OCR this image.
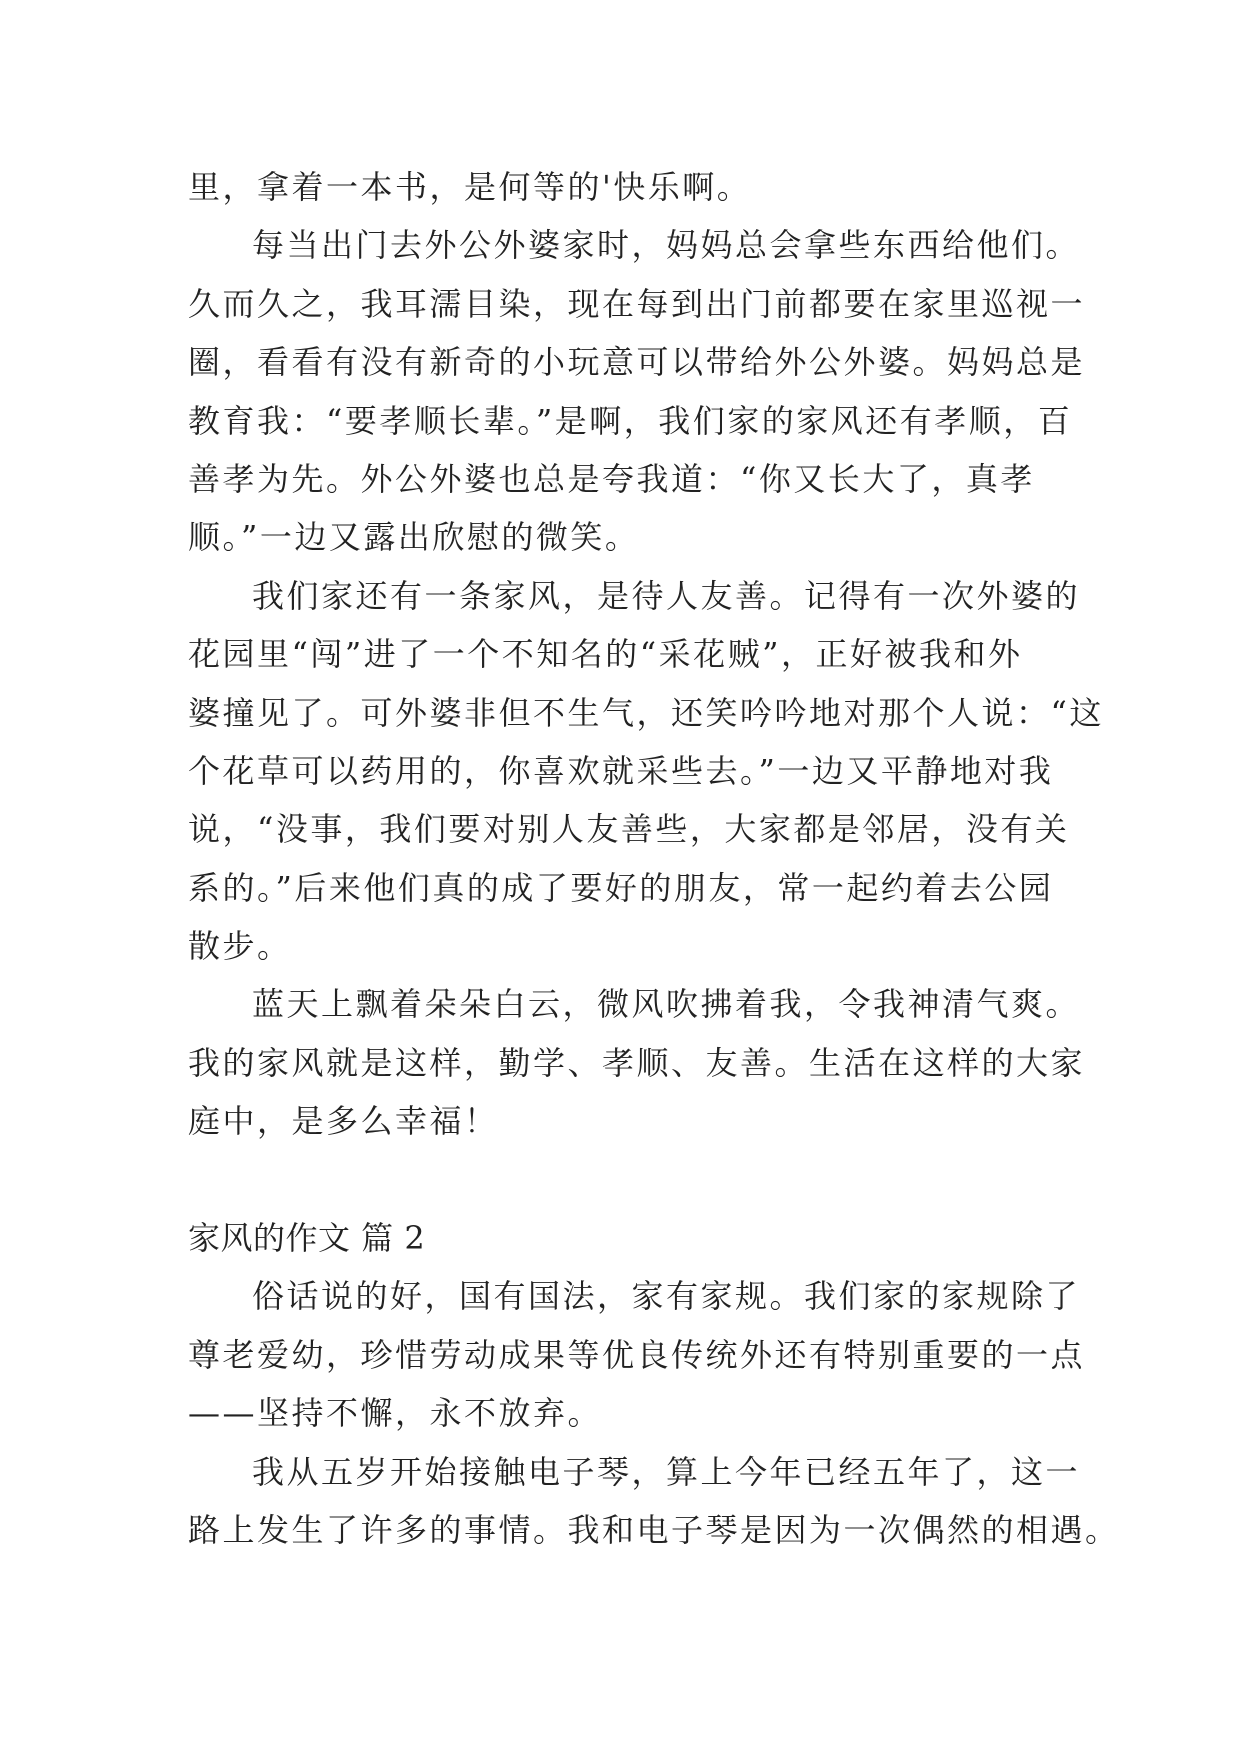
里，拿着一本书，是何等的'快乐啊。
每当出门去外公外婆家时，妈妈总会拿些东西给他们。
久而久之，我耳濡目染，现在每到出门前都要在家里巡视一
圈，看看有没有新奇的小玩意可以带给外公外婆。妈妈总是
教育我：“要孝顺长辈。”是啊，我们家的家风还有孝顺，百
善孝为先。外公外婆也总是夸我道：“你又长大了，真孝
顺。”一边又露出欣慰的微笑。
我们家还有一条家风，是待人友善。记得有一次外婆的
花园里“闯”进了一个不知名的“采花贼”，正好被我和外
婆撞见了。可外婆非但不生气，还笑吟吟地对那个人说：“这
个花草可以药用的，你喜欢就采些去。”一边又平静地对我
说，“没事，我们要对别人友善些，大家都是邻居，没有关
系的。”后来他们真的成了要好的朋友，常一起约着去公园
散步。
蓝天上飘着朵朵白云，微风吹拂着我，令我神清气爽。
我的家风就是这样，勤学、孝顺、友善。生活在这样的大家
庭中，是多么幸福！
家风的作文 篇 2
俗话说的好，国有国法，家有家规。我们家的家规除了
尊老爱幼，珍惜劳动成果等优良传统外还有特别重要的一点
——坚持不懈，永不放弃。
我从五岁开始接触电子琴，算上今年已经五年了，这一
路上发生了许多的事情。我和电子琴是因为一次偶然的相遇。
